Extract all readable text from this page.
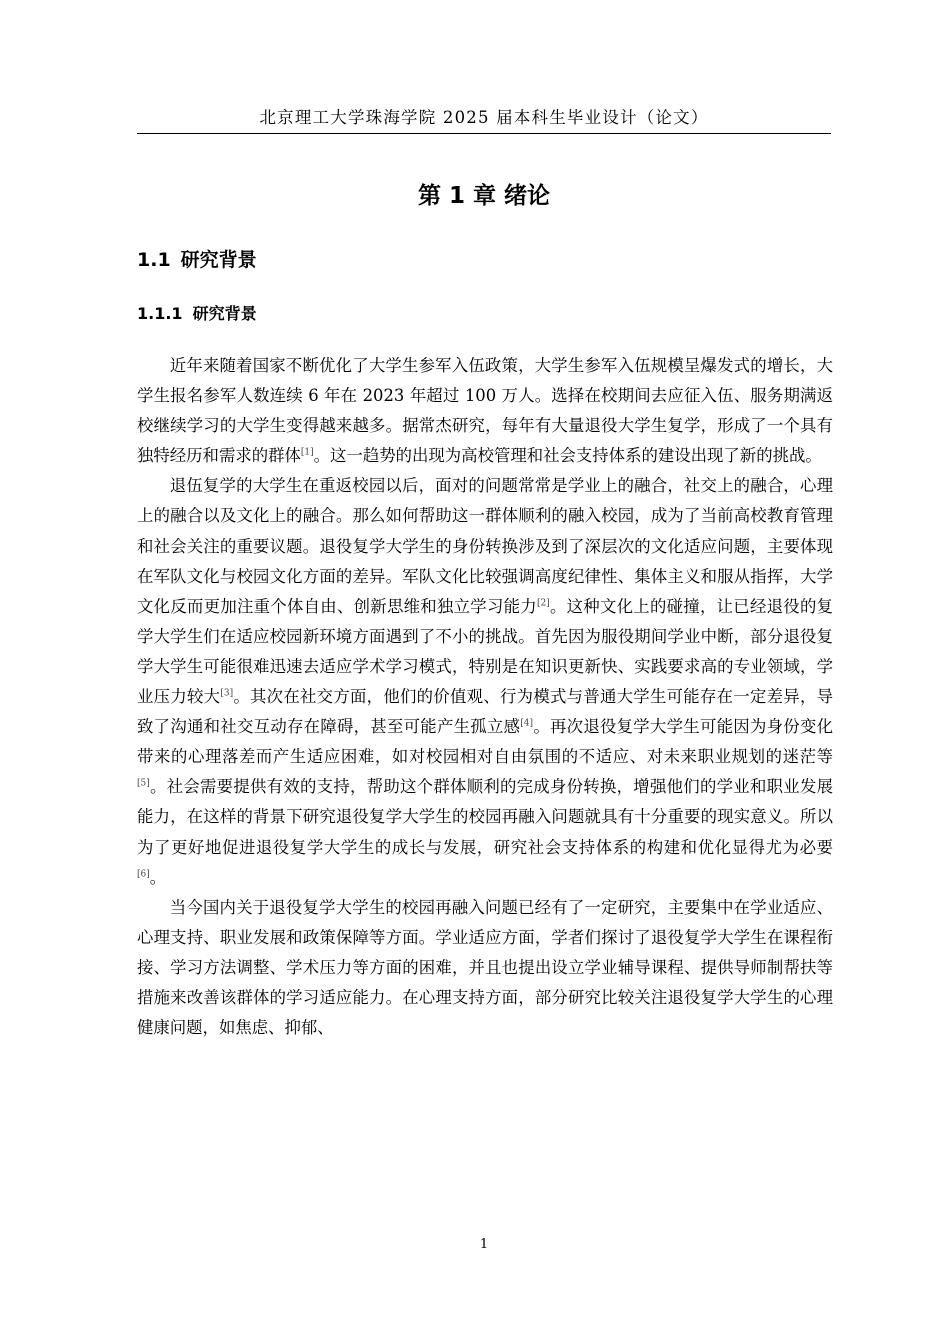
北京理工大学珠海学院 2025 届本科生毕业设计（论文）
第 1 章 绪论
1.1 研究背景
1.1.1 研究背景

近年来随着国家不断优化了大学生参军入伍政策，大学生参军入伍规模呈爆发式的增长，大学生报名参军人数连续 6 年在 2023 年超过 100 万人。选择在校期间去应征入伍、服务期满返校继续学习的大学生变得越来越多。据常杰研究，每年有大量退役大学生复学，形成了一个具有独特经历和需求的群体[1]。这一趋势的出现为高校管理和社会支持体系的建设出现了新的挑战。

退伍复学的大学生在重返校园以后，面对的问题常常是学业上的融合，社交上的融合，心理上的融合以及文化上的融合。那么如何帮助这一群体顺利的融入校园，成为了当前高校教育管理和社会关注的重要议题。退役复学大学生的身份转换涉及到了深层次的文化适应问题，主要体现在军队文化与校园文化方面的差异。军队文化比较强调高度纪律性、集体主义和服从指挥，大学文化反而更加注重个体自由、创新思维和独立学习能力[2]。这种文化上的碰撞，让已经退役的复学大学生们在适应校园新环境方面遇到了不小的挑战。首先因为服役期间学业中断，部分退役复学大学生可能很难迅速去适应学术学习模式，特别是在知识更新快、实践要求高的专业领域，学业压力较大[3]。其次在社交方面，他们的价值观、行为模式与普通大学生可能存在一定差异，导致了沟通和社交互动存在障碍，甚至可能产生孤立感[4]。再次退役复学大学生可能因为身份变化带来的心理落差而产生适应困难，如对校园相对自由氛围的不适应、对未来职业规划的迷茫等[5]。社会需要提供有效的支持，帮助这个群体顺利的完成身份转换，增强他们的学业和职业发展能力，在这样的背景下研究退役复学大学生的校园再融入问题就具有十分重要的现实意义。所以为了更好地促进退役复学大学生的成长与发展，研究社会支持体系的构建和优化显得尤为必要[6]。

当今国内关于退役复学大学生的校园再融入问题已经有了一定研究，主要集中在学业适应、心理支持、职业发展和政策保障等方面。学业适应方面，学者们探讨了退役复学大学生在课程衔接、学习方法调整、学术压力等方面的困难，并且也提出设立学业辅导课程、提供导师制帮扶等措施来改善该群体的学习适应能力。在心理支持方面，部分研究比较关注退役复学大学生的心理健康问题，如焦虑、抑郁、

1
